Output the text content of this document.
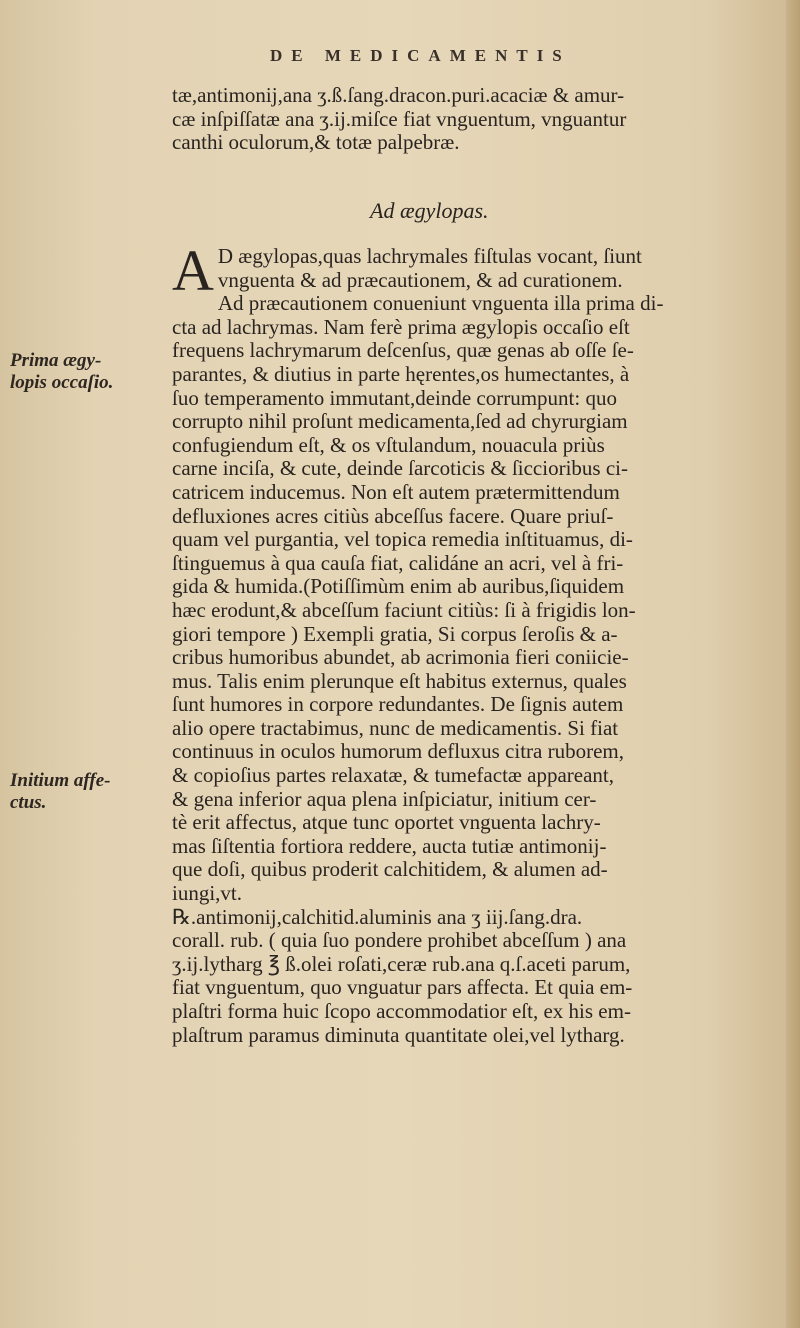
DE MEDICAMENTIS
tæ,antimonij,ana ʒ.ß.ſang.dracon.puri.acaciæ & amur-
cæ inſpiſſatæ ana ʒ.ij.miſce fiat vnguentum, vnguantur
canthi oculorum,& totæ palpebræ.
Ad ægylopas.
Prima ægy-
lopis occaſio.
Initium affe-
ctus.
A D ægylopas,quas lachrymales fiſtulas vocant, ſiunt
vnguenta & ad præcautionem, & ad curationem.
Ad præcautionem conueniunt vnguenta illa prima di-
cta ad lachrymas. Nam ferè prima ægylopis occaſio eſt
frequens lachrymarum deſcenſus, quæ genas ab oſſe ſe-
parantes, & diutius in parte hęrentes,os humectantes, à
ſuo temperamento immutant,deinde corrumpunt: quo
corrupto nihil proſunt medicamenta,ſed ad chyrurgiam
confugiendum eſt, & os vſtulandum, nouacula priùs
carne inciſa, & cute, deinde ſarcoticis & ſiccioribus ci-
catricem inducemus. Non eſt autem prætermittendum
defluxiones acres citiùs abceſſus facere. Quare priuſ-
quam vel purgantia, vel topica remedia inſtituamus, di-
ſtinguemus à qua cauſa fiat, calidáne an acri, vel à fri-
gida & humida.(Potiſſimùm enim ab auribus,ſiquidem
hæc erodunt,& abceſſum faciunt citiùs: ſi à frigidis lon-
giori tempore ) Exempli gratia, Si corpus ſeroſis & a-
cribus humoribus abundet, ab acrimonia fieri coniicie-
mus. Talis enim plerunque eſt habitus externus, quales
ſunt humores in corpore redundantes. De ſignis autem
alio opere tractabimus, nunc de medicamentis. Si fiat
continuus in oculos humorum defluxus citra ruborem,
& copioſius partes relaxatæ, & tumefactæ appareant,
& gena inferior aqua plena inſpiciatur, initium cer-
tè erit affectus, atque tunc oportet vnguenta lachry-
mas ſiſtentia fortiora reddere, aucta tutiæ antimonij-
que doſi, quibus proderit calchitidem, & alumen ad-
iungi,vt.
℞.antimonij,calchitid.aluminis ana ʒ iij.ſang.dra.
corall. rub. ( quia ſuo pondere prohibet abceſſum ) ana
ʒ.ij.lytharg ℥ ß.olei roſati,ceræ rub.ana q.ſ.aceti parum,
fiat vnguentum, quo vnguatur pars affecta. Et quia em-
plaſtri forma huic ſcopo accommodatior eſt, ex his em-
plaſtrum paramus diminuta quantitate olei,vel lytharg.
